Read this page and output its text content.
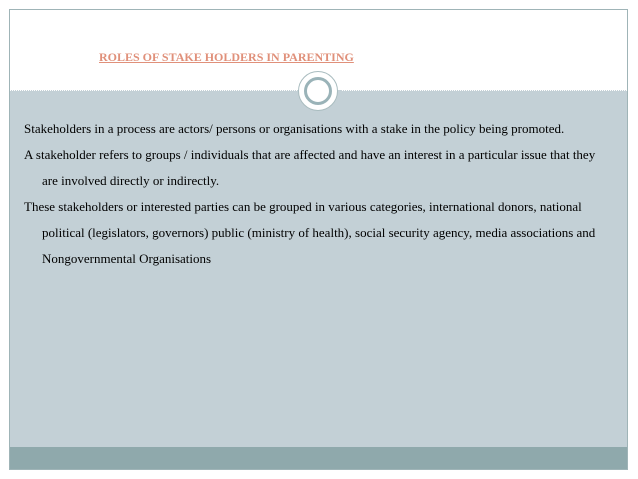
ROLES OF STAKE HOLDERS IN PARENTING

Stakeholders in a process are actors/ persons or organisations with a stake in the policy being promoted.

A stakeholder refers to groups / individuals that are affected and have an interest in a particular issue that they are involved directly or indirectly.

These stakeholders or interested parties can be grouped in various categories, international donors, national political (legislators, governors) public (ministry of health), social security agency, media associations and Nongovernmental Organisations
